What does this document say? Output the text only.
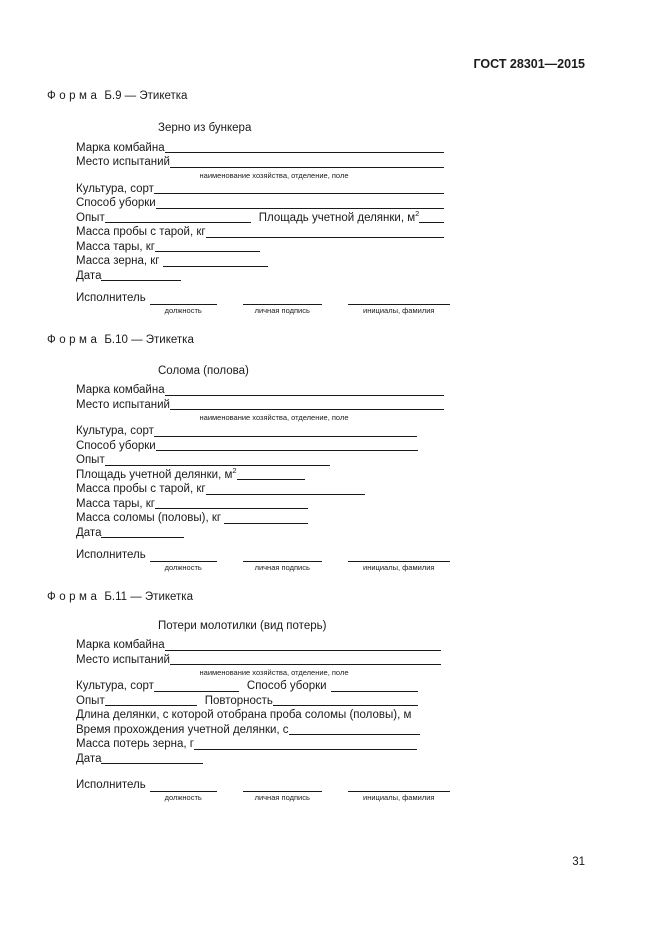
ГОСТ 28301—2015
Форма Б.9 — Этикетка
Зерно из бункера
Марка комбайна
Место испытаний
наименование хозяйства, отделение, поле
Культура, сорт
Способ уборки
Опыт	Площадь учетной делянки, $м^2$
Масса пробы с тарой, кг
Масса тары, кг
Масса зерна, кг
Дата
Исполнитель
должность	личная подпись	инициалы, фамилия
Форма Б.10 — Этикетка
Солома (полова)
Марка комбайна
Место испытаний
наименование хозяйства, отделение, поле
Культура, сорт
Способ уборки
Опыт
Площадь учетной делянки, $м^2$
Масса пробы с тарой, кг
Масса тары, кг
Масса соломы (половы), кг
Дата
Исполнитель
должность	личная подпись	инициалы, фамилия
Форма Б.11 — Этикетка
Потери молотилки (вид потерь)
Марка комбайна
Место испытаний
наименование хозяйства, отделение, поле
Культура, сорт	Способ уборки
Опыт	Повторность
Длина делянки, с которой отобрана проба соломы (половы), м
Время прохождения учетной делянки, с
Масса потерь зерна, г
Дата
Исполнитель
должность	личная подпись	инициалы, фамилия
31
